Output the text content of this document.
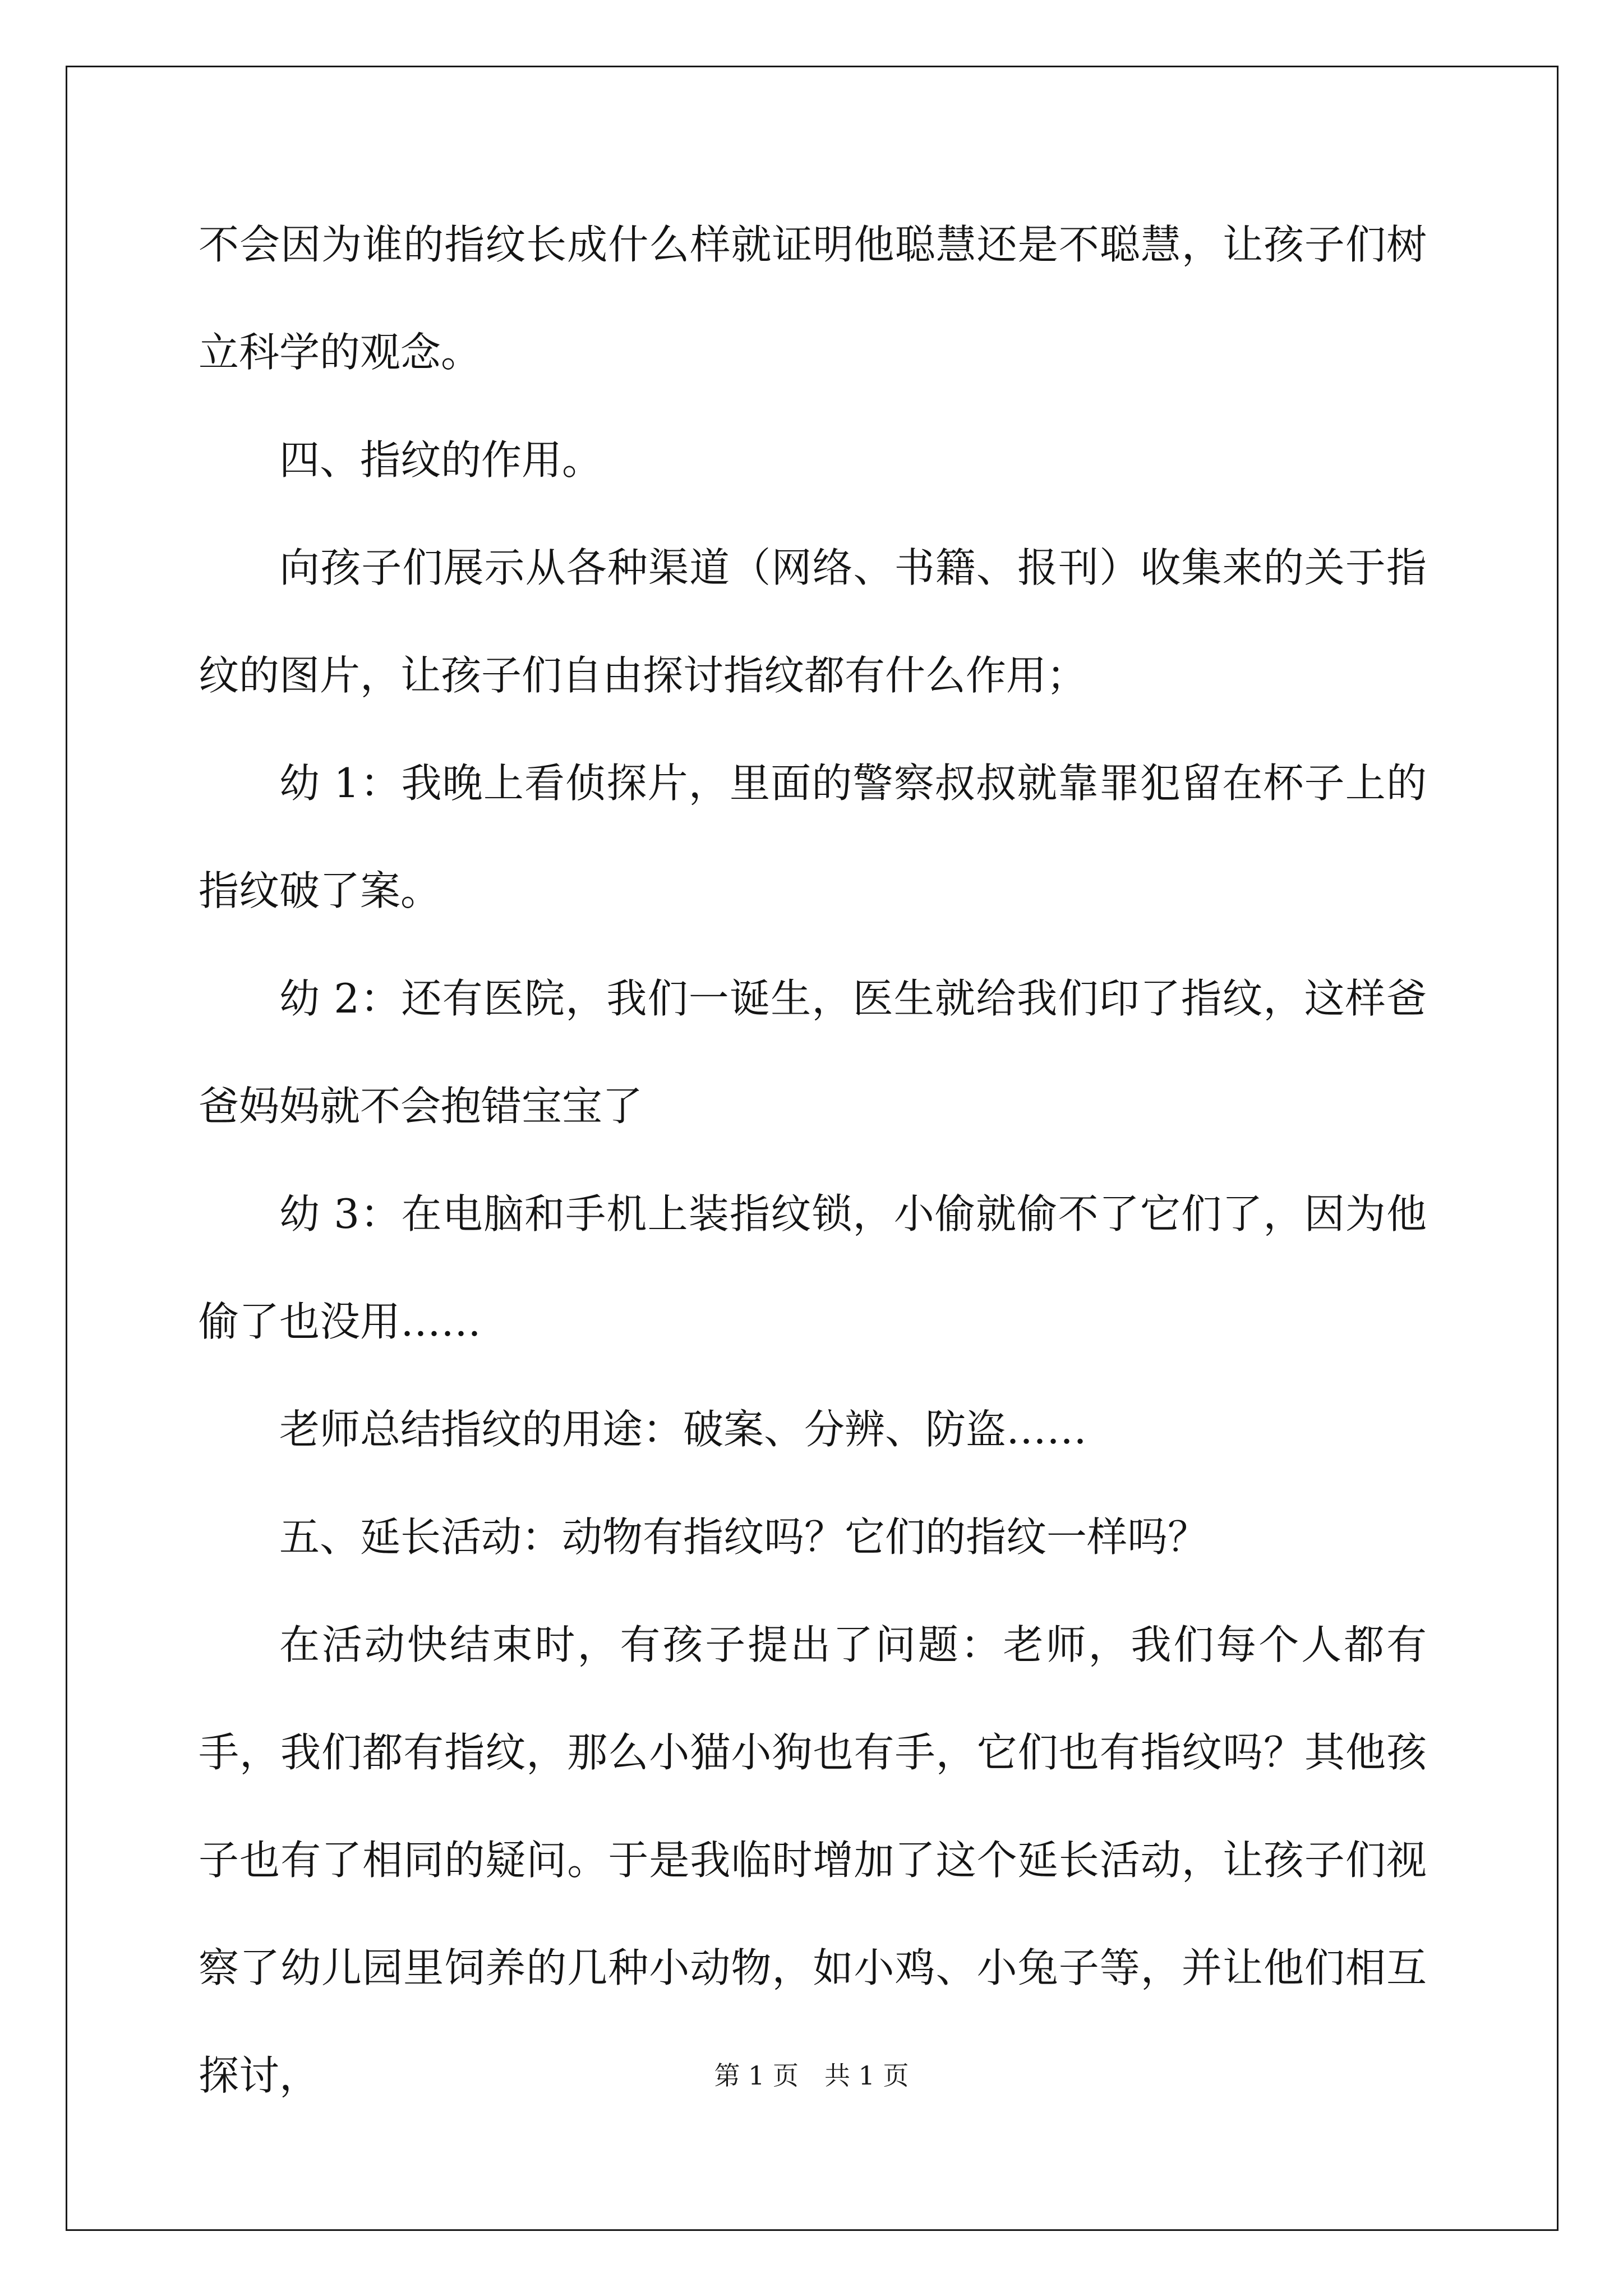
不会因为谁的指纹长成什么样就证明他聪慧还是不聪慧，让孩子们树立科学的观念。

四、指纹的作用。

向孩子们展示从各种渠道（网络、书籍、报刊）收集来的关于指纹的图片，让孩子们自由探讨指纹都有什么作用；

幼 1：我晚上看侦探片，里面的警察叔叔就靠罪犯留在杯子上的指纹破了案。

幼 2：还有医院，我们一诞生，医生就给我们印了指纹，这样爸爸妈妈就不会抱错宝宝了

幼 3：在电脑和手机上装指纹锁，小偷就偷不了它们了，因为他偷了也没用……

老师总结指纹的用途：破案、分辨、防盗……

五、延长活动：动物有指纹吗？它们的指纹一样吗？

在活动快结束时，有孩子提出了问题：老师，我们每个人都有手，我们都有指纹，那么小猫小狗也有手，它们也有指纹吗？其他孩子也有了相同的疑问。于是我临时增加了这个延长活动，让孩子们视察了幼儿园里饲养的几种小动物，如小鸡、小兔子等，并让他们相互探讨，	第 1 页　共 1 页
